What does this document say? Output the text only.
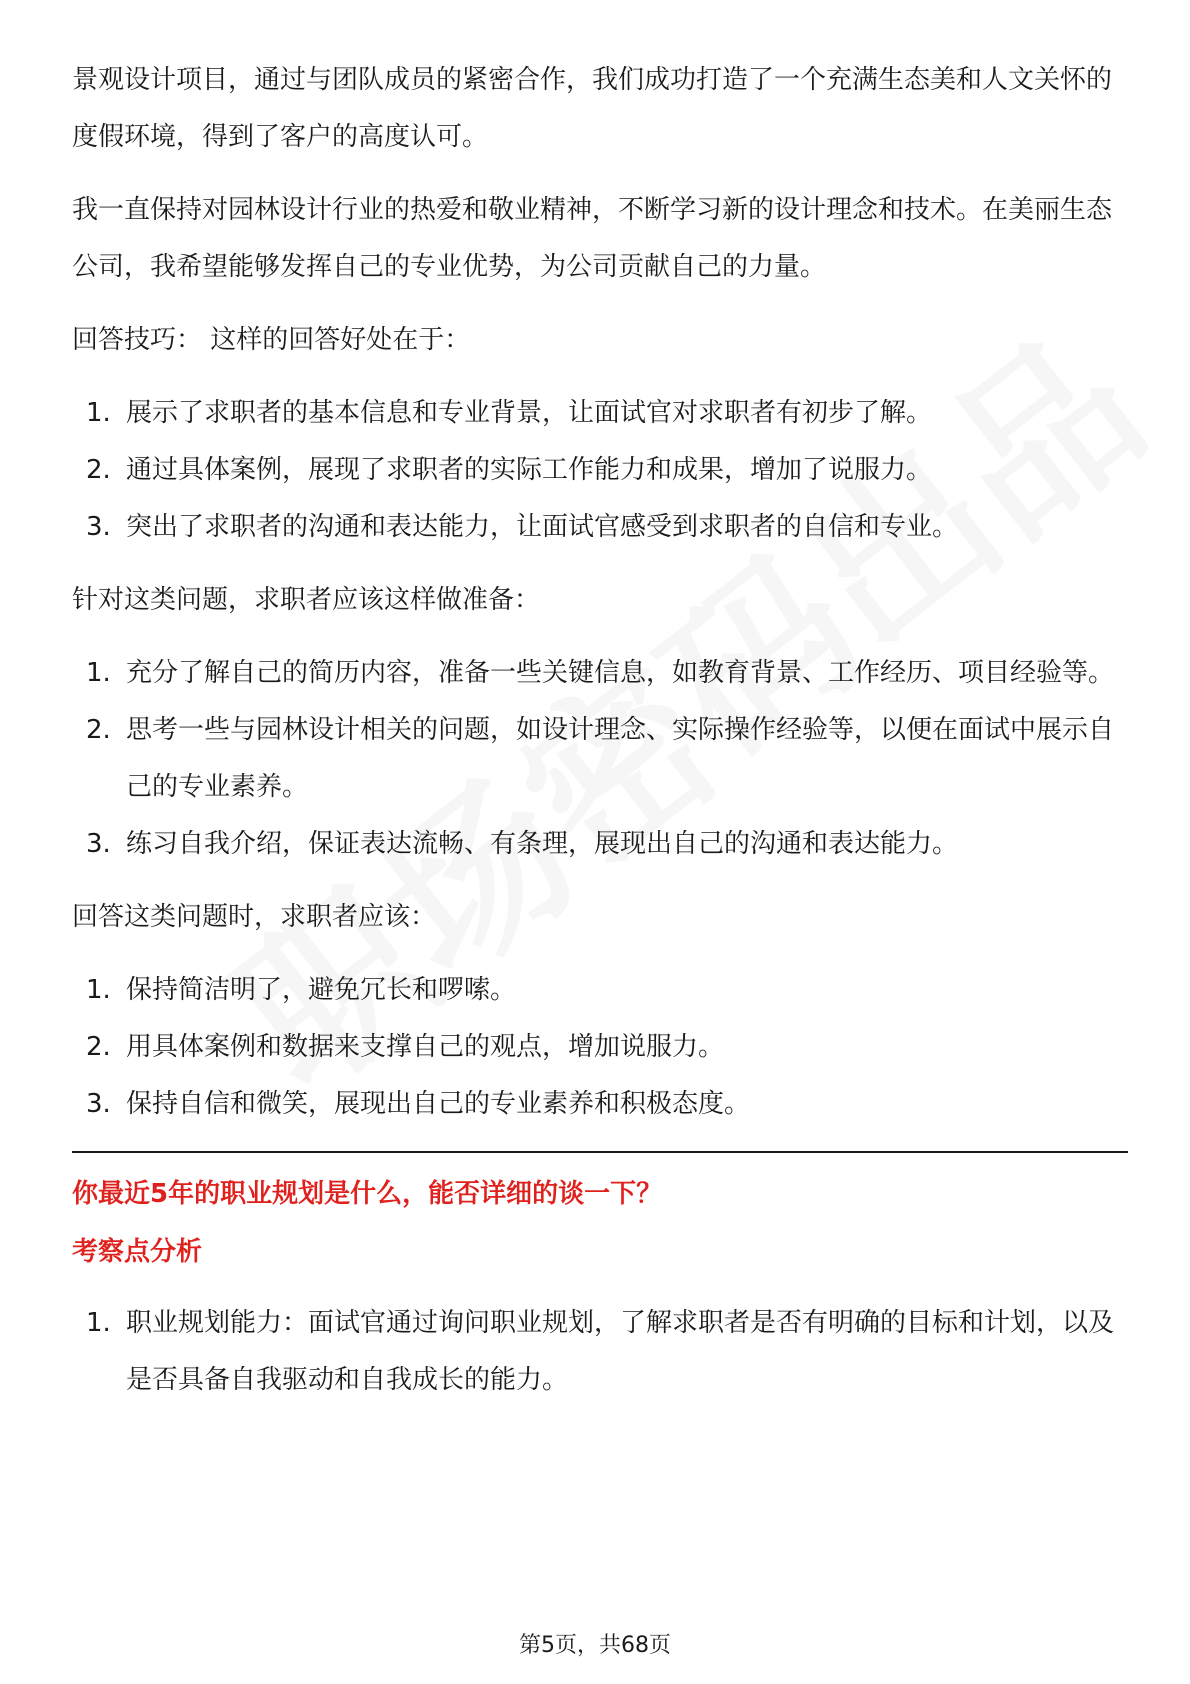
景观设计项目，通过与团队成员的紧密合作，我们成功打造了一个充满生态美和人文关怀的度假环境，得到了客户的高度认可。

我一直保持对园林设计行业的热爱和敬业精神，不断学习新的设计理念和技术。在美丽生态公司，我希望能够发挥自己的专业优势，为公司贡献自己的力量。

回答技巧： 这样的回答好处在于：

1. 展示了求职者的基本信息和专业背景，让面试官对求职者有初步了解。
2. 通过具体案例，展现了求职者的实际工作能力和成果，增加了说服力。
3. 突出了求职者的沟通和表达能力，让面试官感受到求职者的自信和专业。

针对这类问题，求职者应该这样做准备：

1. 充分了解自己的简历内容，准备一些关键信息，如教育背景、工作经历、项目经验等。
2. 思考一些与园林设计相关的问题，如设计理念、实际操作经验等，以便在面试中展示自己的专业素养。
3. 练习自我介绍，保证表达流畅、有条理，展现出自己的沟通和表达能力。

回答这类问题时，求职者应该：

1. 保持简洁明了，避免冗长和啰嗦。
2. 用具体案例和数据来支撑自己的观点，增加说服力。
3. 保持自信和微笑，展现出自己的专业素养和积极态度。
你最近5年的职业规划是什么，能否详细的谈一下？
考察点分析
1. 职业规划能力：面试官通过询问职业规划，了解求职者是否有明确的目标和计划，以及是否具备自我驱动和自我成长的能力。
第5页，共68页
